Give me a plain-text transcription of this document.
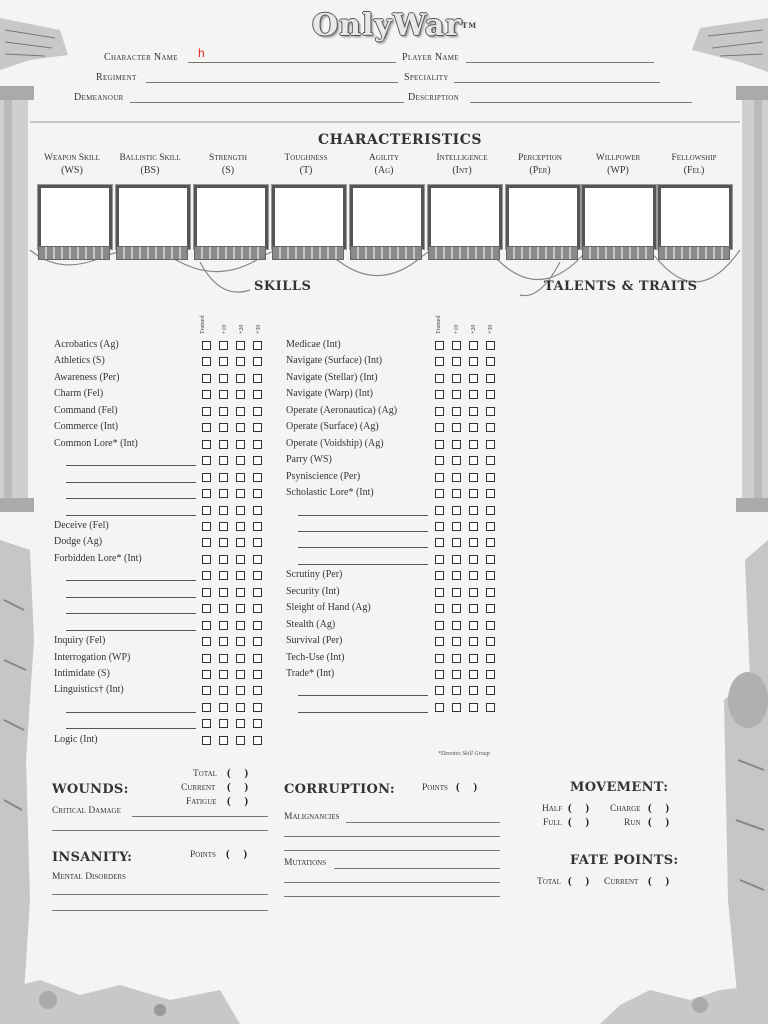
OnlyWar™
Character Name h	Player Name
Regiment	Speciality
Demeanour	Description
CHARACTERISTICS
Weapon Skill
(WS)
Ballistic Skill
(BS)
Strength
(S)
Toughness
(T)
Agility
(Ag)
Intelligence
(Int)
Perception
(Per)
Willpower
(WP)
Fellowship
(Fel)
SKILLS	TALENTS & TRAITS
Trained	+10 +20 +30	Trained +10 +20 +30
Acrobatics (Ag)
Athletics (S)
Awareness (Per)
Charm (Fel)
Command (Fel)
Commerce (Int)
Common Lore* (Int)
Deceive (Fel)
Dodge (Ag)
Forbidden Lore* (Int)
Inquiry (Fel)
Interrogation (WP)
Intimidate (S)
Linguistics† (Int)
Logic (Int)
Medicae (Int)
Navigate (Surface) (Int)
Navigate (Stellar) (Int)
Navigate (Warp) (Int)
Operate (Aeronautica) (Ag)
Operate (Surface) (Ag)
Operate (Voidship) (Ag)
Parry (WS)
Psyniscience (Per)
Scholastic Lore* (Int)
Scrutiny (Per)
Security (Int)
Sleight of Hand (Ag)
Stealth (Ag)
Survival (Per)
Tech-Use (Int)
Trade* (Int)
*Denotes Skill Group
WOUNDS:
Total (     )
Current (     )
Fatigue (     )
Critical Damage
INSANITY:	Points (     )
Mental Disorders
CORRUPTION:	Points (     )
Malignancies
Mutations
MOVEMENT:
Half (     ) Charge (     )
Full (     )	Run (     )
FATE POINTS:
Total (     ) Current (     )
